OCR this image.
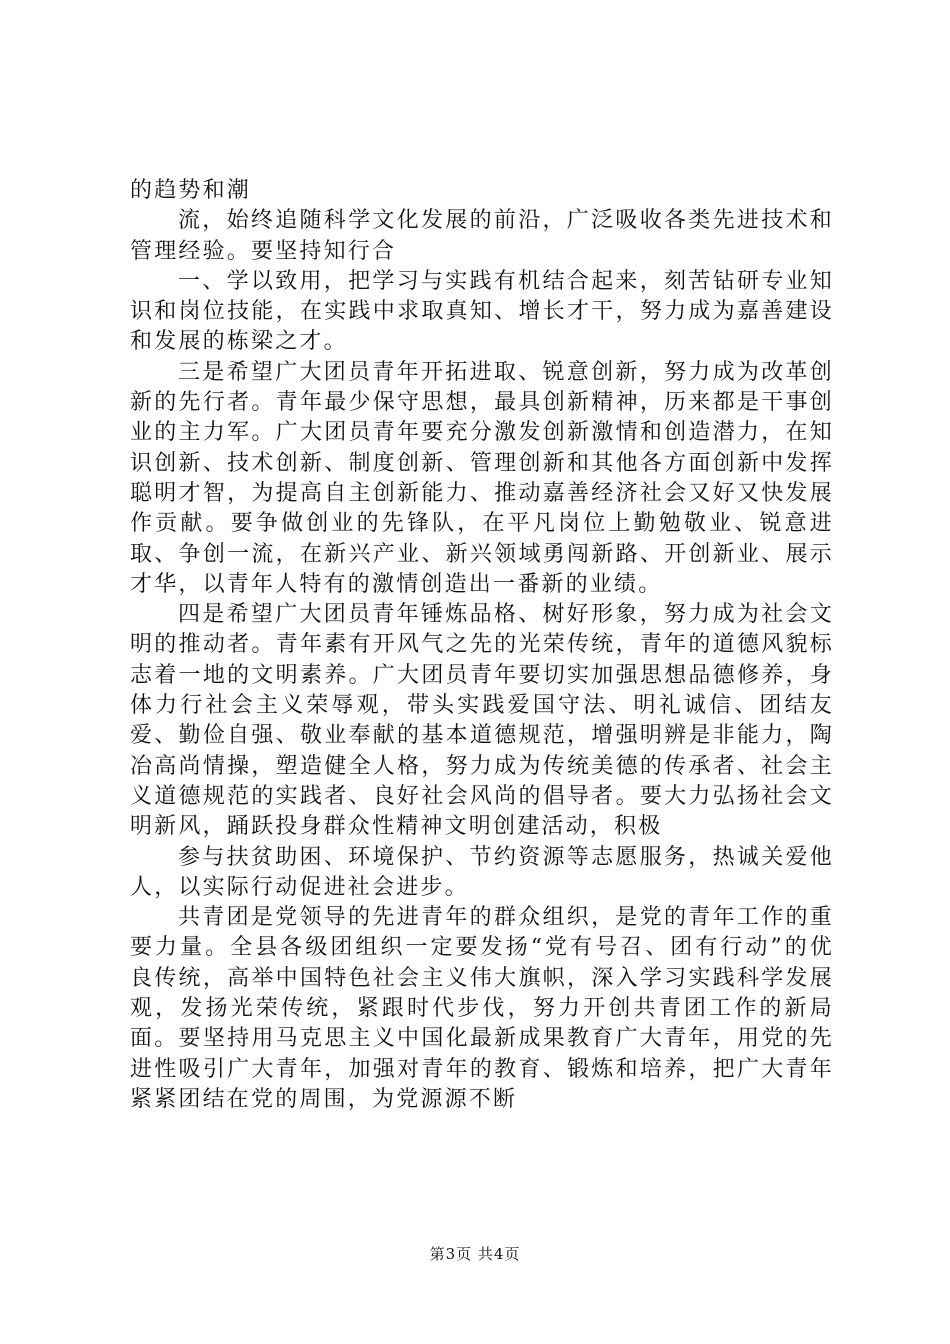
的趋势和潮

流，始终追随科学文化发展的前沿，广泛吸收各类先进技术和管理经验。要坚持知行合

一、学以致用，把学习与实践有机结合起来，刻苦钻研专业知识和岗位技能，在实践中求取真知、增长才干，努力成为嘉善建设和发展的栋梁之才。

三是希望广大团员青年开拓进取、锐意创新，努力成为改革创新的先行者。青年最少保守思想，最具创新精神，历来都是干事创业的主力军。广大团员青年要充分激发创新激情和创造潜力，在知识创新、技术创新、制度创新、管理创新和其他各方面创新中发挥聪明才智，为提高自主创新能力、推动嘉善经济社会又好又快发展作贡献。要争做创业的先锋队，在平凡岗位上勤勉敬业、锐意进取、争创一流，在新兴产业、新兴领域勇闯新路、开创新业、展示才华，以青年人特有的激情创造出一番新的业绩。

四是希望广大团员青年锤炼品格、树好形象，努力成为社会文明的推动者。青年素有开风气之先的光荣传统，青年的道德风貌标志着一地的文明素养。广大团员青年要切实加强思想品德修养，身体力行社会主义荣辱观，带头实践爱国守法、明礼诚信、团结友爱、勤俭自强、敬业奉献的基本道德规范，增强明辨是非能力，陶冶高尚情操，塑造健全人格，努力成为传统美德的传承者、社会主义道德规范的实践者、良好社会风尚的倡导者。要大力弘扬社会文明新风，踊跃投身群众性精神文明创建活动，积极

参与扶贫助困、环境保护、节约资源等志愿服务，热诚关爱他人，以实际行动促进社会进步。

共青团是党领导的先进青年的群众组织，是党的青年工作的重要力量。全县各级团组织一定要发扬“党有号召、团有行动”的优良传统，高举中国特色社会主义伟大旗帜，深入学习实践科学发展观，发扬光荣传统，紧跟时代步伐，努力开创共青团工作的新局面。要坚持用马克思主义中国化最新成果教育广大青年，用党的先进性吸引广大青年，加强对青年的教育、锻炼和培养，把广大青年紧紧团结在党的周围，为党源源不断

第3页 共4页
